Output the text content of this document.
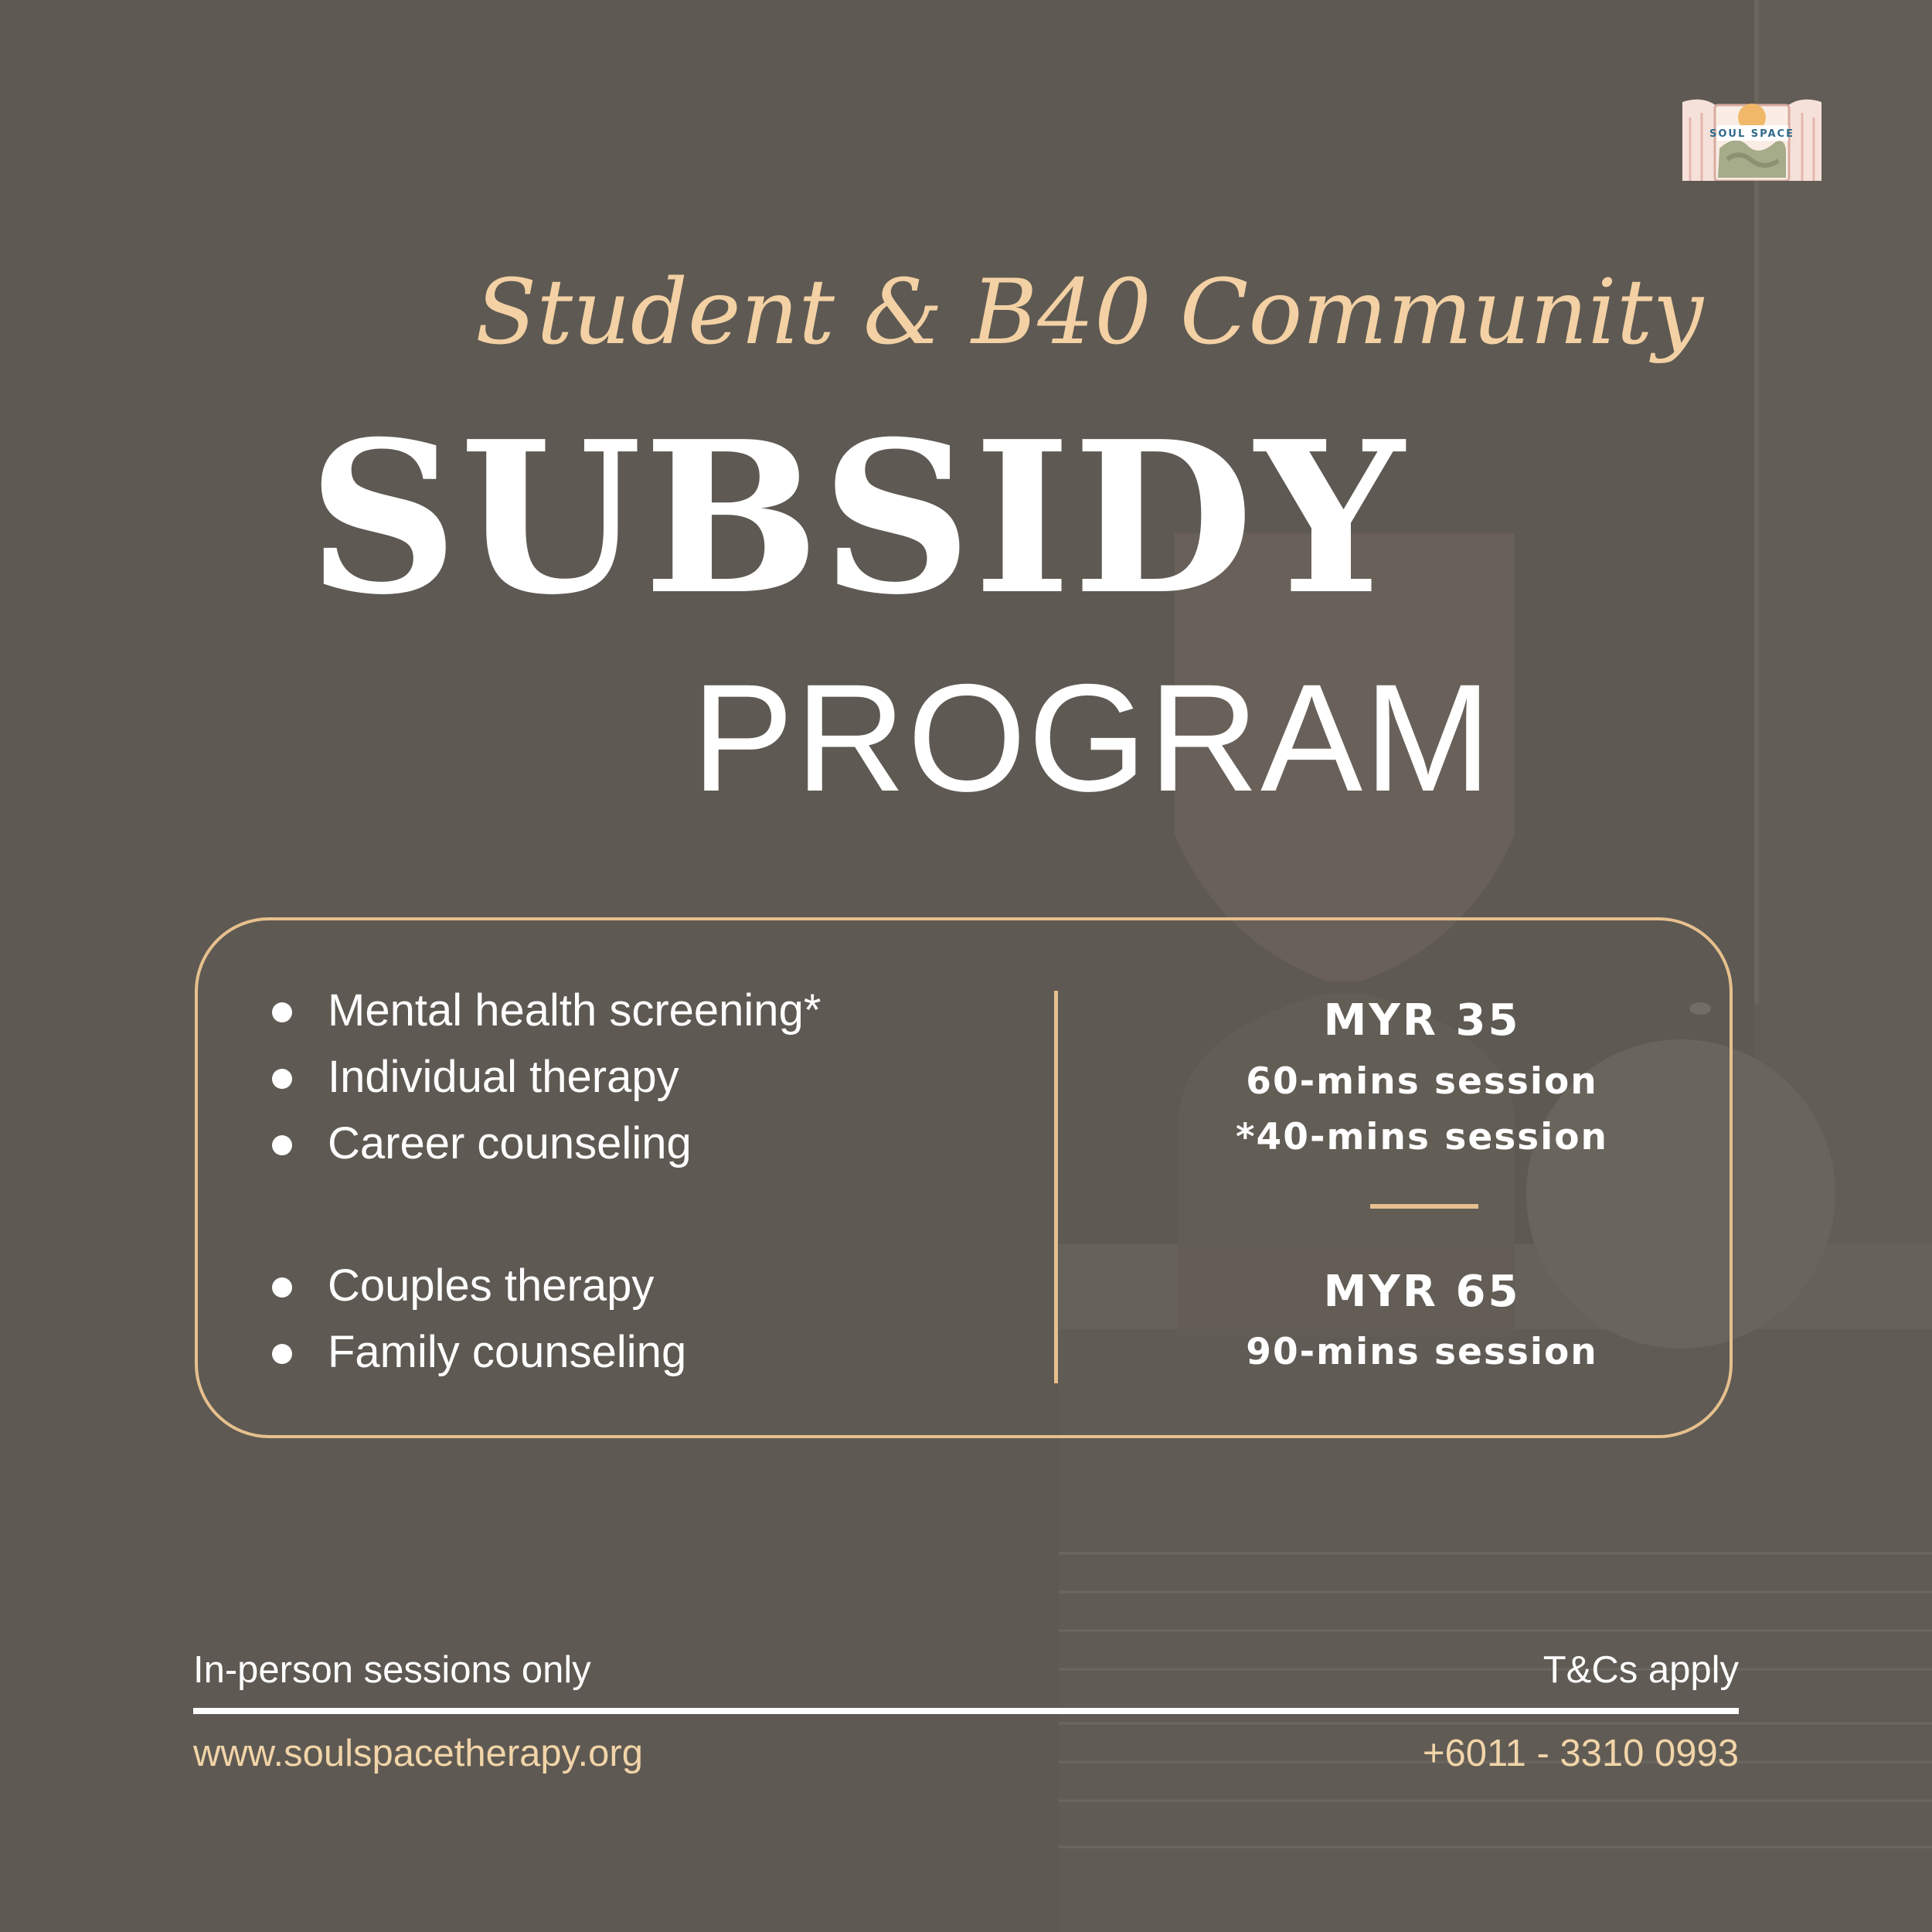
SOUL SPACE
Student & B40 Community
SUBSIDY
PROGRAM
Mental health screening*
Individual therapy
Career counseling
Couples therapy
Family counseling
MYR 35
60-mins session
*40-mins session
MYR 65
90-mins session
In-person sessions only	T&Cs apply
www.soulspacetherapy.org	+6011 - 3310 0993
